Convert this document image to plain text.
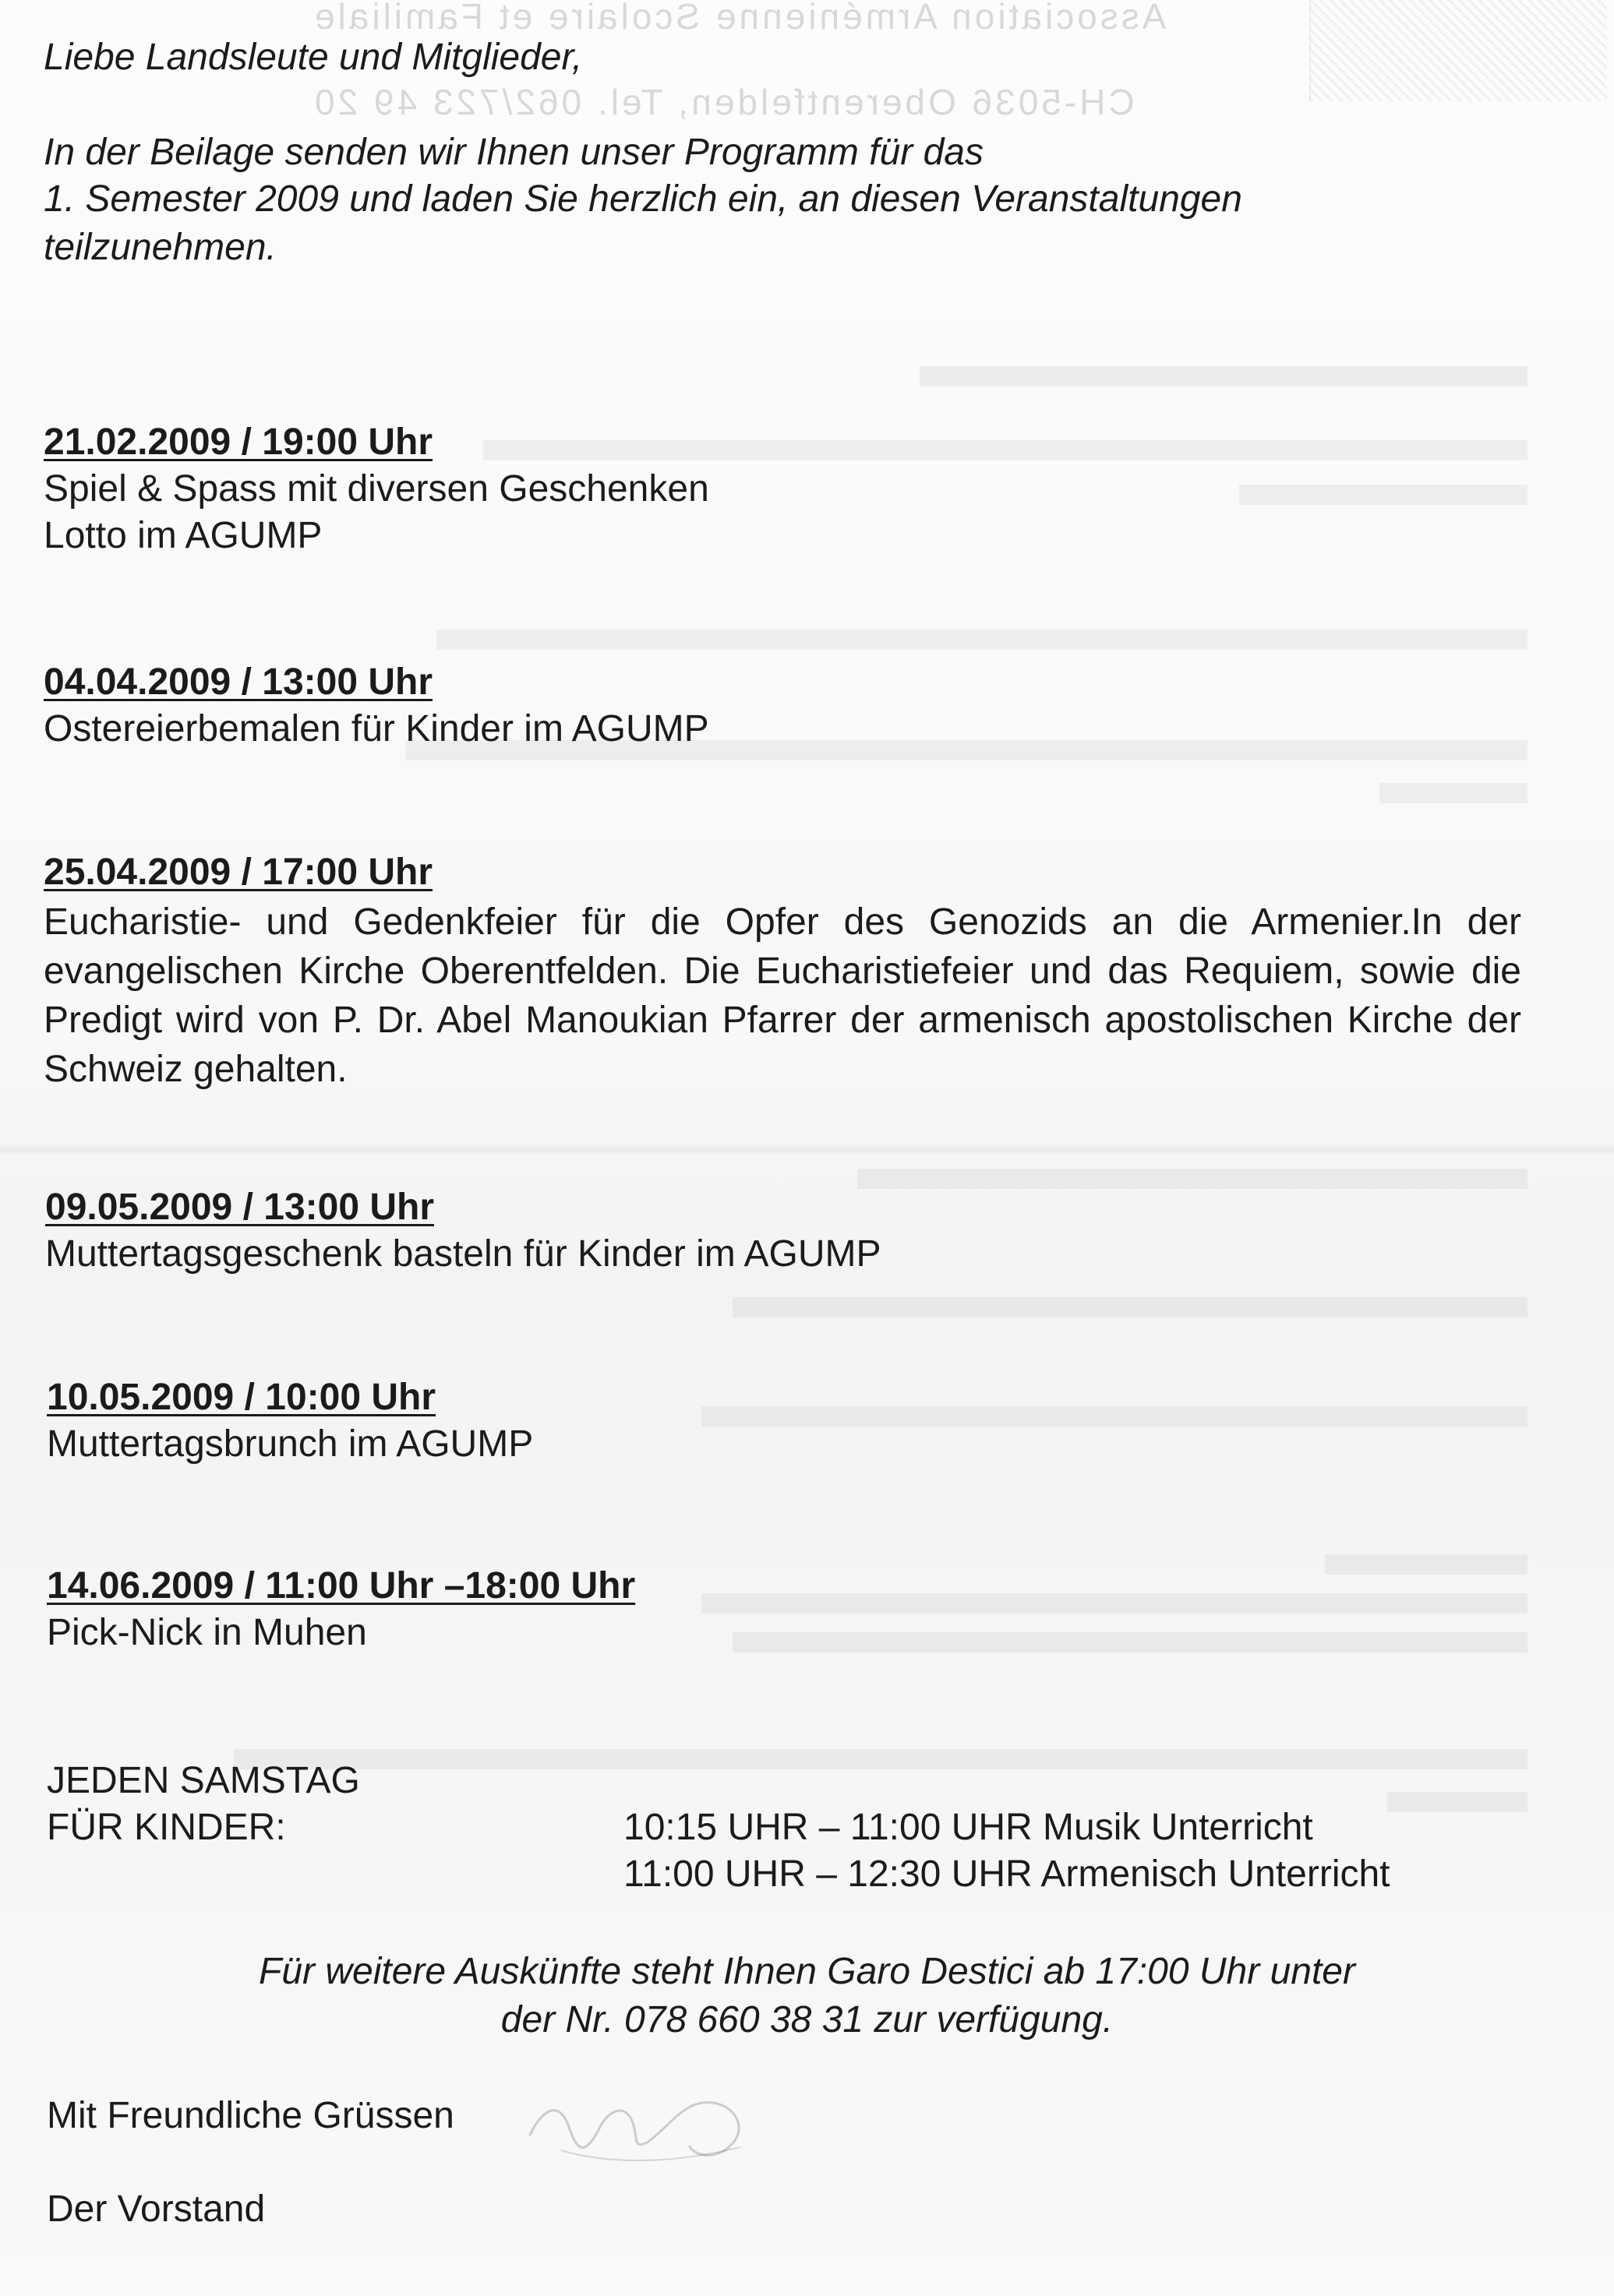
Association Arménienne Scolaire et Familiale
CH-5036 Oberentfelden, Tel. 062/723 49 20
Liebe Landsleute und Mitglieder,
In der Beilage senden wir Ihnen unser Programm für das
1. Semester 2009 und laden Sie herzlich ein, an diesen Veranstaltungen
teilzunehmen.
21.02.2009 / 19:00 Uhr
Spiel & Spass mit diversen Geschenken
Lotto im AGUMP
04.04.2009 / 13:00 Uhr
Ostereierbemalen für Kinder im AGUMP
25.04.2009 / 17:00 Uhr
Eucharistie- und Gedenkfeier für die Opfer des Genozids an die Armenier.In der evangelischen Kirche Oberentfelden. Die Eucharistiefeier und das Requiem, sowie die Predigt wird von P. Dr. Abel Manoukian Pfarrer der armenisch apostolischen Kirche der Schweiz gehalten.
09.05.2009 / 13:00 Uhr
Muttertagsgeschenk basteln für Kinder im AGUMP
10.05.2009 / 10:00 Uhr
Muttertagsbrunch im AGUMP
14.06.2009 / 11:00 Uhr –18:00 Uhr
Pick-Nick in Muhen
JEDEN SAMSTAG
FÜR KINDER:	10:15 UHR – 11:00 UHR Musik Unterricht
11:00 UHR – 12:30 UHR Armenisch Unterricht
Für weitere Auskünfte steht Ihnen Garo Destici ab 17:00 Uhr unter
der Nr. 078 660 38 31 zur verfügung.
Mit Freundliche Grüssen
Der Vorstand
